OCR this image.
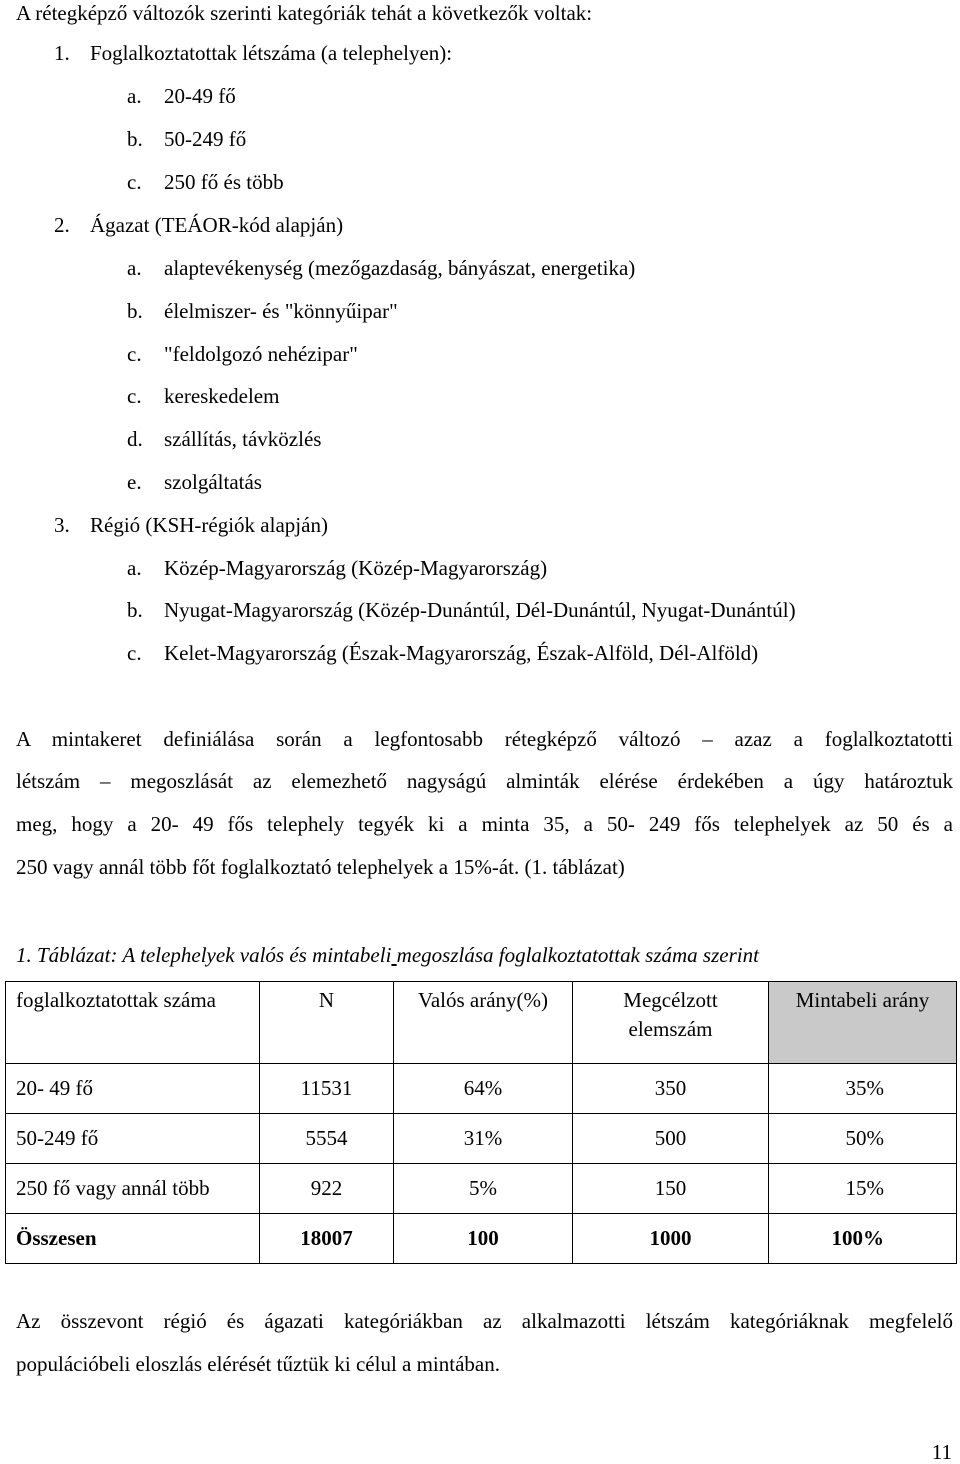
A rétegképző változók szerinti kategóriák tehát a következők voltak:
1. Foglalkoztatottak létszáma (a telephelyen):
a. 20-49 fő
b. 50-249 fő
c. 250 fő és több
2. Ágazat (TEÁOR-kód alapján)
a. alaptevékenység (mezőgazdaság, bányászat, energetika)
b. élelmiszer- és "könnyűipar"
c. "feldolgozó nehézipar"
c. kereskedelem
d. szállítás, távközlés
e. szolgáltatás
3. Régió (KSH-régiók alapján)
a. Közép-Magyarország (Közép-Magyarország)
b. Nyugat-Magyarország (Közép-Dunántúl, Dél-Dunántúl, Nyugat-Dunántúl)
c. Kelet-Magyarország (Észak-Magyarország, Észak-Alföld, Dél-Alföld)
A mintakeret definiálása során a legfontosabb rétegképző változó – azaz a foglalkoztatotti
létszám – megoszlását az elemezhető nagyságú alminták elérése érdekében a úgy határoztuk
meg, hogy a 20- 49 fős telephely tegyék ki a minta 35, a 50- 249 fős telephelyek az 50 és a
250 vagy annál több főt foglalkoztató telephelyek a 15%-át. (1. táblázat)
1. Táblázat: A telephelyek valós és mintabeli megoszlása foglalkoztatottak száma szerint
foglalkoztatottak száma	N	Valós arány(%)	Megcélzott elemszám	Mintabeli arány
20- 49 fő	11531	64%	350	35%
50-249 fő	5554	31%	500	50%
250 fő vagy annál több	922	5%	150	15%
Összesen	18007	100	1000	100%
Az összevont régió és ágazati kategóriákban az alkalmazotti létszám kategóriáknak megfelelő
populációbeli eloszlás elérését tűztük ki célul a mintában.
11
